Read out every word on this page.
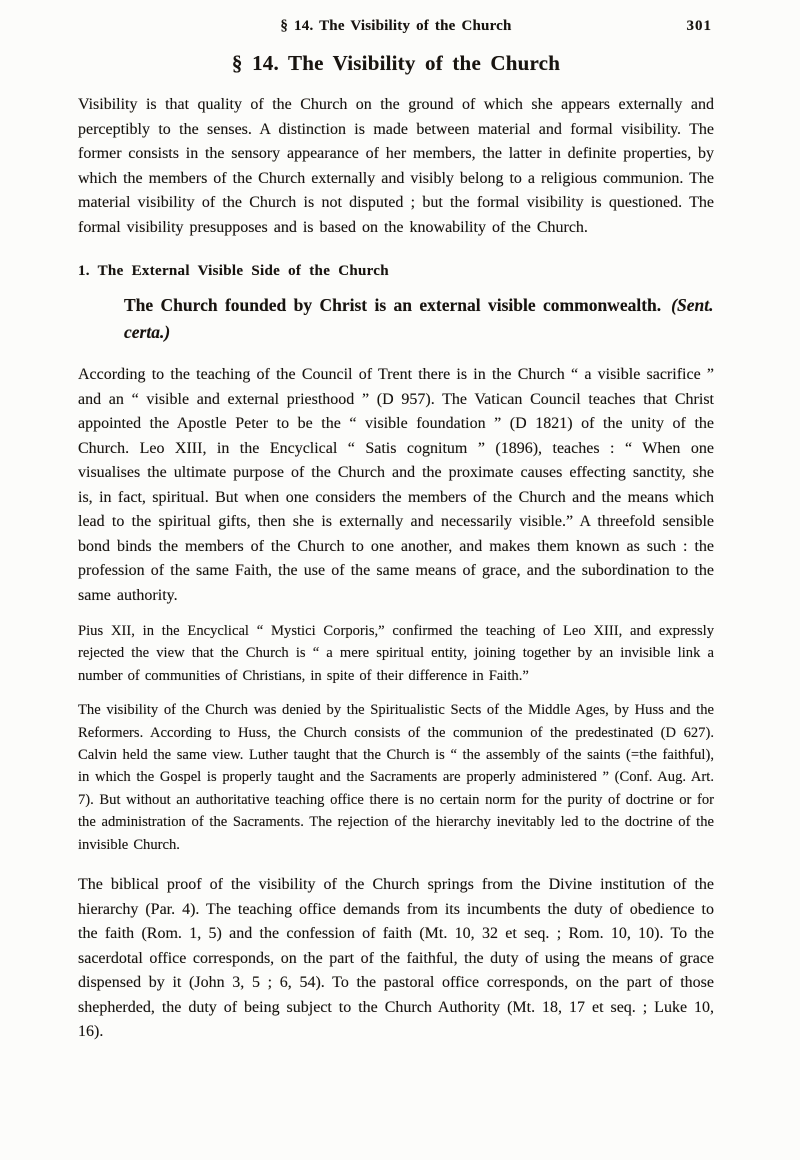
§ 14. The Visibility of the Church	301
§ 14. The Visibility of the Church

Visibility is that quality of the Church on the ground of which she appears externally and perceptibly to the senses. A distinction is made between material and formal visibility. The former consists in the sensory appearance of her members, the latter in definite properties, by which the members of the Church externally and visibly belong to a religious communion. The material visibility of the Church is not disputed ; but the formal visibility is questioned. The formal visibility presupposes and is based on the knowability of the Church.

1. The External Visible Side of the Church

The Church founded by Christ is an external visible commonwealth. (Sent. certa.)

According to the teaching of the Council of Trent there is in the Church “ a visible sacrifice ” and an “ visible and external priesthood ” (D 957). The Vatican Council teaches that Christ appointed the Apostle Peter to be the “ visible foundation ” (D 1821) of the unity of the Church. Leo XIII, in the Encyclical “ Satis cognitum ” (1896), teaches : “ When one visualises the ultimate purpose of the Church and the proximate causes effecting sanctity, she is, in fact, spiritual. But when one considers the members of the Church and the means which lead to the spiritual gifts, then she is externally and necessarily visible.” A threefold sensible bond binds the members of the Church to one another, and makes them known as such : the profession of the same Faith, the use of the same means of grace, and the subordination to the same authority.

Pius XII, in the Encyclical “ Mystici Corporis,” confirmed the teaching of Leo XIII, and expressly rejected the view that the Church is “ a mere spiritual entity, joining together by an invisible link a number of communities of Christians, in spite of their difference in Faith.”

The visibility of the Church was denied by the Spiritualistic Sects of the Middle Ages, by Huss and the Reformers. According to Huss, the Church consists of the communion of the predestinated (D 627). Calvin held the same view. Luther taught that the Church is “ the assembly of the saints (=the faithful), in which the Gospel is properly taught and the Sacraments are properly administered ” (Conf. Aug. Art. 7). But without an authoritative teaching office there is no certain norm for the purity of doctrine or for the administration of the Sacraments. The rejection of the hierarchy inevitably led to the doctrine of the invisible Church.

The biblical proof of the visibility of the Church springs from the Divine institution of the hierarchy (Par. 4). The teaching office demands from its incumbents the duty of obedience to the faith (Rom. 1, 5) and the confession of faith (Mt. 10, 32 et seq. ; Rom. 10, 10). To the sacerdotal office corresponds, on the part of the faithful, the duty of using the means of grace dispensed by it (John 3, 5 ; 6, 54). To the pastoral office corresponds, on the part of those shepherded, the duty of being subject to the Church Authority (Mt. 18, 17 et seq. ; Luke 10, 16).
